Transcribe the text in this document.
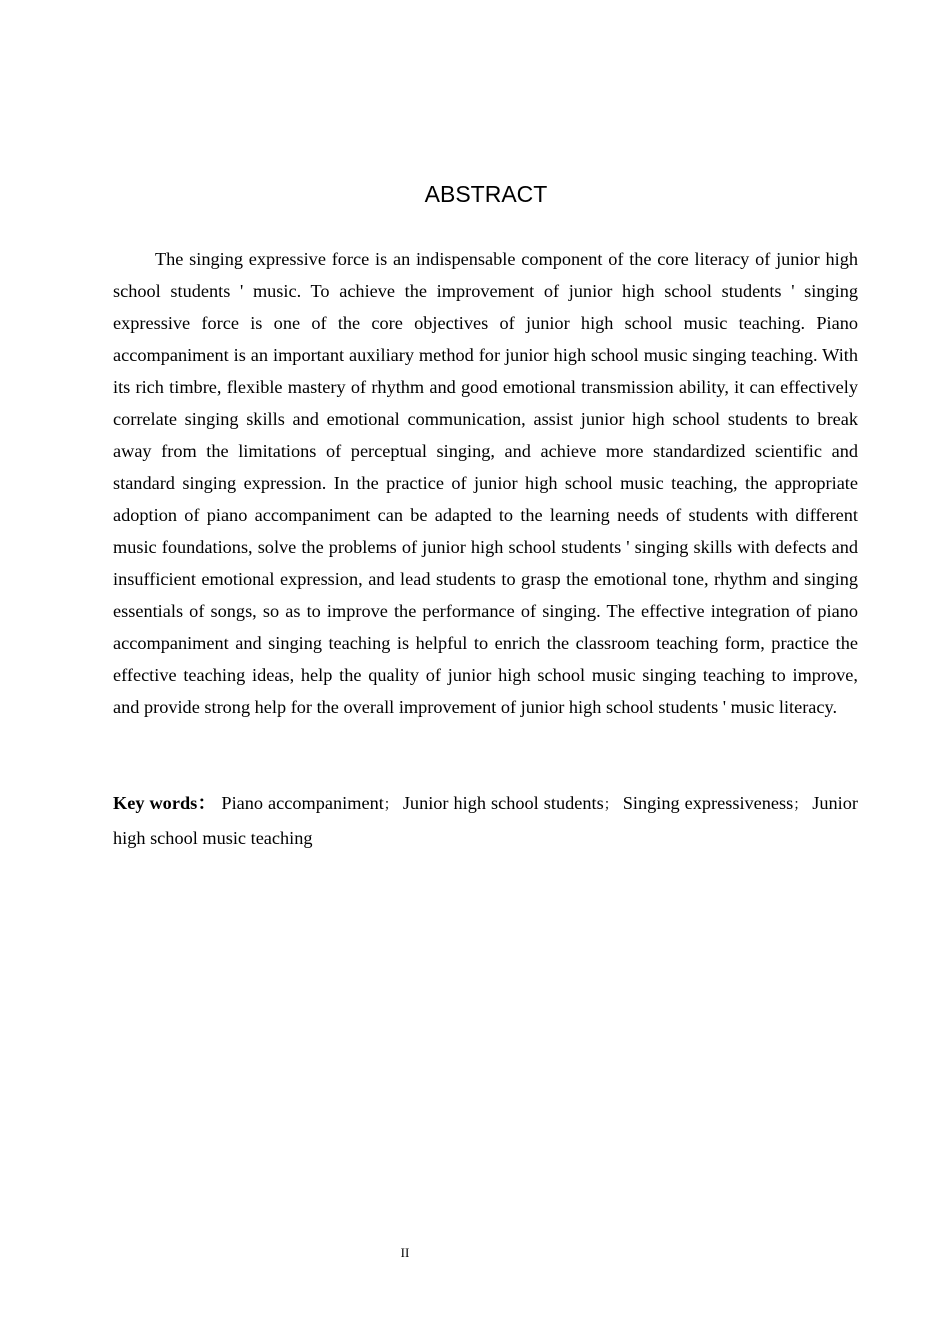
ABSTRACT

The singing expressive force is an indispensable component of the core literacy of junior high school students ' music. To achieve the improvement of junior high school students ' singing expressive force is one of the core objectives of junior high school music teaching. Piano accompaniment is an important auxiliary method for junior high school music singing teaching. With its rich timbre, flexible mastery of rhythm and good emotional transmission ability, it can effectively correlate singing skills and emotional communication, assist junior high school students to break away from the limitations of perceptual singing, and achieve more standardized scientific and standard singing expression. In the practice of junior high school music teaching, the appropriate adoption of piano accompaniment can be adapted to the learning needs of students with different music foundations, solve the problems of junior high school students ' singing skills with defects and insufficient emotional expression, and lead students to grasp the emotional tone, rhythm and singing essentials of songs, so as to improve the performance of singing. The effective integration of piano accompaniment and singing teaching is helpful to enrich the classroom teaching form, practice the effective teaching ideas, help the quality of junior high school music singing teaching to improve, and provide strong help for the overall improvement of junior high school students ' music literacy.

Key words： Piano accompaniment； Junior high school students； Singing expressiveness； Junior high school music teaching

II
